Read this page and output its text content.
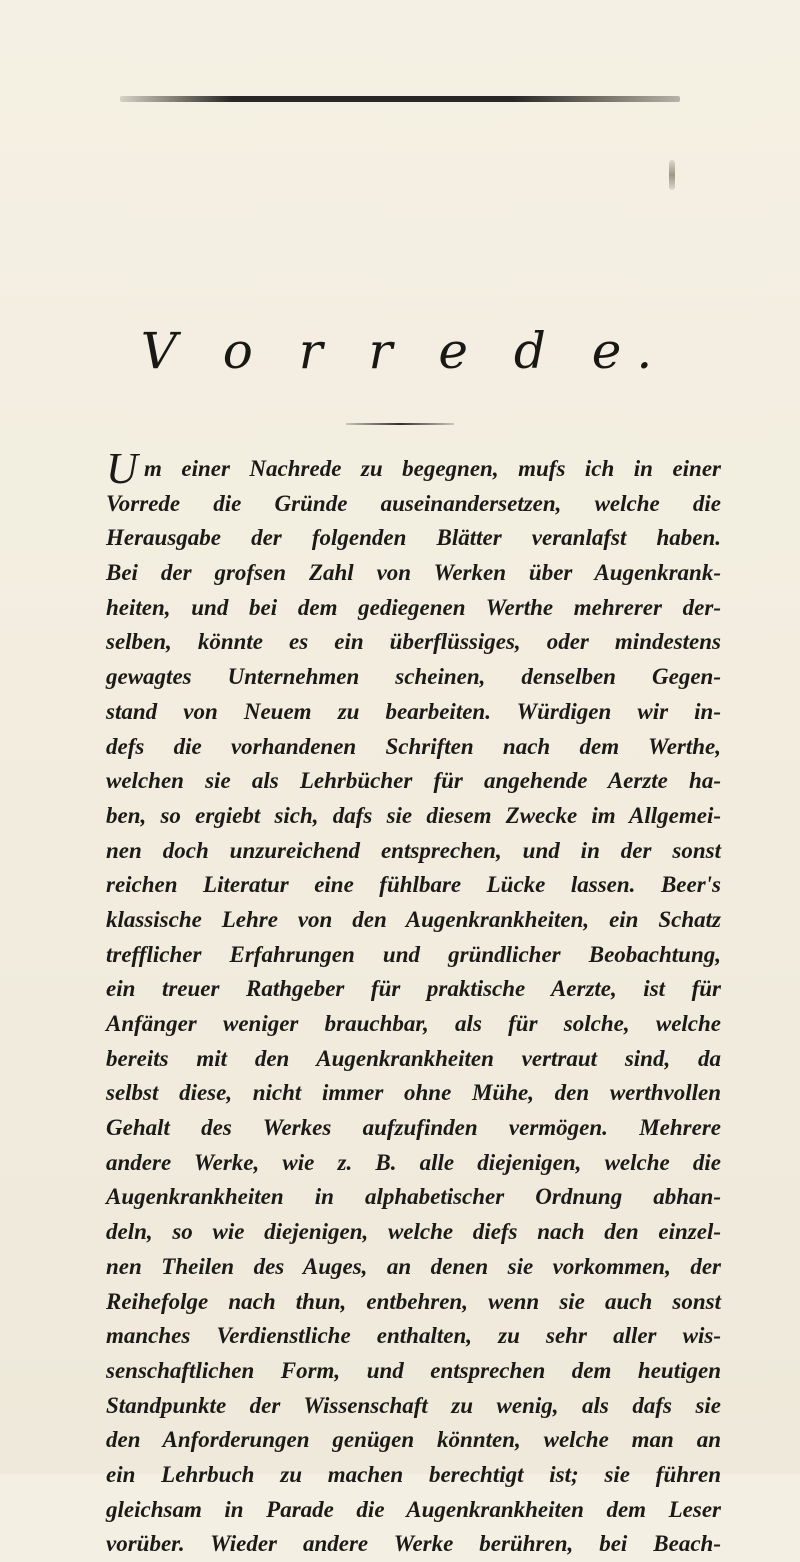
V o r r e d e.
U m einer Nachrede zu begegnen, mufs ich in einer
Vorrede die Gründe auseinandersetzen, welche die
Herausgabe der folgenden Blätter veranlafst haben.
Bei der grofsen Zahl von Werken über Augenkrank-
heiten, und bei dem gediegenen Werthe mehrerer der-
selben, könnte es ein überflüssiges, oder mindestens
gewagtes Unternehmen scheinen, denselben Gegen-
stand von Neuem zu bearbeiten. Würdigen wir in-
defs die vorhandenen Schriften nach dem Werthe,
welchen sie als Lehrbücher für angehende Aerzte ha-
ben, so ergiebt sich, dafs sie diesem Zwecke im Allgemei-
nen doch unzureichend entsprechen, und in der sonst
reichen Literatur eine fühlbare Lücke lassen. Beer's
klassische Lehre von den Augenkrankheiten, ein Schatz
trefflicher Erfahrungen und gründlicher Beobachtung,
ein treuer Rathgeber für praktische Aerzte, ist für
Anfänger weniger brauchbar, als für solche, welche
bereits mit den Augenkrankheiten vertraut sind, da
selbst diese, nicht immer ohne Mühe, den werthvollen
Gehalt des Werkes aufzufinden vermögen. Mehrere
andere Werke, wie z. B. alle diejenigen, welche die
Augenkrankheiten in alphabetischer Ordnung abhan-
deln, so wie diejenigen, welche diefs nach den einzel-
nen Theilen des Auges, an denen sie vorkommen, der
Reihefolge nach thun, entbehren, wenn sie auch sonst
manches Verdienstliche enthalten, zu sehr aller wis-
senschaftlichen Form, und entsprechen dem heutigen
Standpunkte der Wissenschaft zu wenig, als dafs sie
den Anforderungen genügen könnten, welche man an
ein Lehrbuch zu machen berechtigt ist; sie führen
gleichsam in Parade die Augenkrankheiten dem Leser
vorüber. Wieder andere Werke berühren, bei Beach-
